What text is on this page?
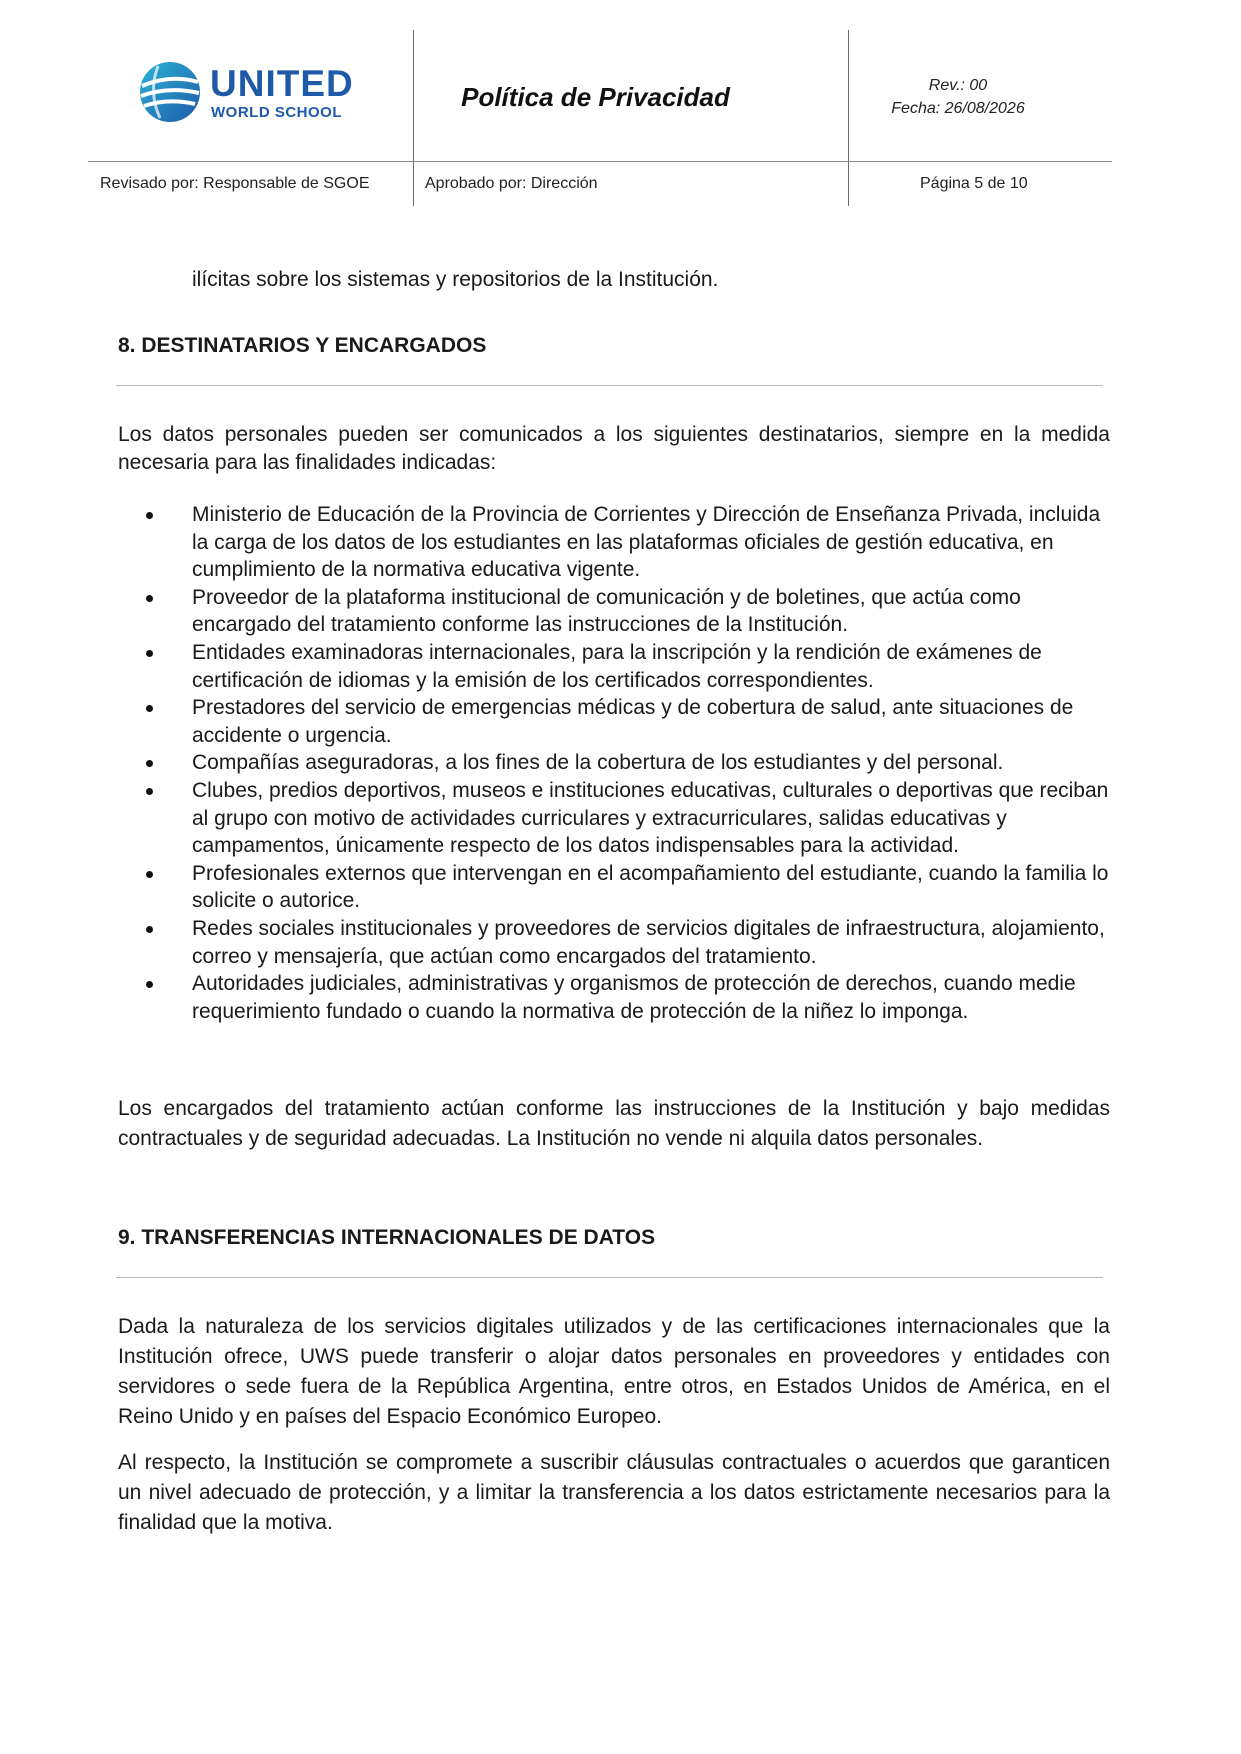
UNITED
WORLD SCHOOL
Política de Privacidad	Rev.: 00
Fecha: 26/08/2026
Revisado por: Responsable de SGOE	Aprobado por: Dirección	Página 5 de 10
ilícitas sobre los sistemas y repositorios de la Institución.
8. DESTINATARIOS Y ENCARGADOS

Los datos personales pueden ser comunicados a los siguientes destinatarios, siempre en la medida necesaria para las finalidades indicadas:

Ministerio de Educación de la Provincia de Corrientes y Dirección de Enseñanza Privada, incluida la carga de los datos de los estudiantes en las plataformas oficiales de gestión educativa, en cumplimiento de la normativa educativa vigente.
Proveedor de la plataforma institucional de comunicación y de boletines, que actúa como encargado del tratamiento conforme las instrucciones de la Institución.
Entidades examinadoras internacionales, para la inscripción y la rendición de exámenes de certificación de idiomas y la emisión de los certificados correspondientes.
Prestadores del servicio de emergencias médicas y de cobertura de salud, ante situaciones de accidente o urgencia.
Compañías aseguradoras, a los fines de la cobertura de los estudiantes y del personal.
Clubes, predios deportivos, museos e instituciones educativas, culturales o deportivas que reciban al grupo con motivo de actividades curriculares y extracurriculares, salidas educativas y campamentos, únicamente respecto de los datos indispensables para la actividad.
Profesionales externos que intervengan en el acompañamiento del estudiante, cuando la familia lo solicite o autorice.
Redes sociales institucionales y proveedores de servicios digitales de infraestructura, alojamiento, correo y mensajería, que actúan como encargados del tratamiento.
Autoridades judiciales, administrativas y organismos de protección de derechos, cuando medie requerimiento fundado o cuando la normativa de protección de la niñez lo imponga.

Los encargados del tratamiento actúan conforme las instrucciones de la Institución y bajo medidas contractuales y de seguridad adecuadas. La Institución no vende ni alquila datos personales.

9. TRANSFERENCIAS INTERNACIONALES DE DATOS

Dada la naturaleza de los servicios digitales utilizados y de las certificaciones internacionales que la Institución ofrece, UWS puede transferir o alojar datos personales en proveedores y entidades con servidores o sede fuera de la República Argentina, entre otros, en Estados Unidos de América, en el Reino Unido y en países del Espacio Económico Europeo.

Al respecto, la Institución se compromete a suscribir cláusulas contractuales o acuerdos que garanticen un nivel adecuado de protección, y a limitar la transferencia a los datos estrictamente necesarios para la finalidad que la motiva.
